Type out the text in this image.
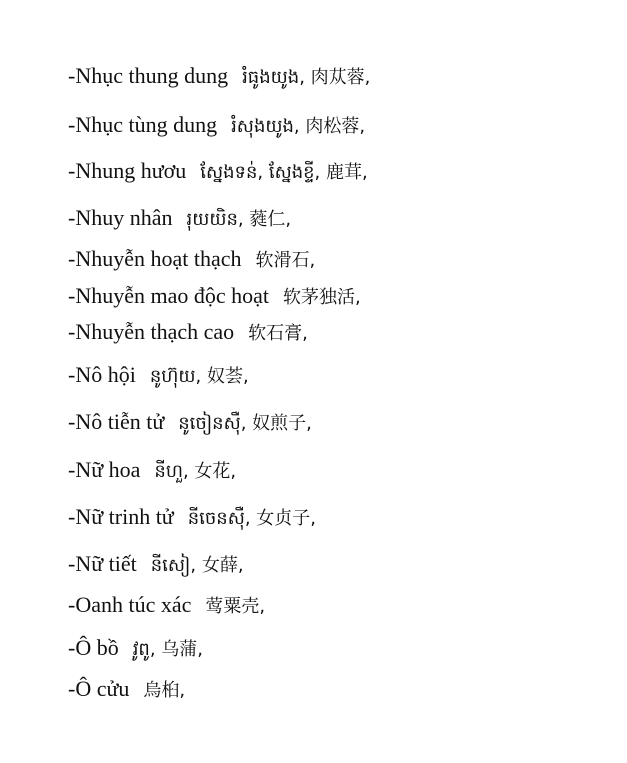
-Nhục thung dung រំធូងយូង, 肉苁蓉,
-Nhục tùng dung រំសុងយូង, 肉松蓉,
-Nhung hươu ស្នែងទន់, ស្នែងខ្ទី, 鹿茸,
-Nhuy nhân រុយយិន, 蕤仁,
-Nhuyễn hoạt thạch 软滑石,
-Nhuyễn mao độc hoạt 软茅独活,
-Nhuyễn thạch cao 软石膏,
-Nô hội នូហ៊ុយ, 奴荟,
-Nô tiễn tử នូចៀនស៊ឺ, 奴煎子,
-Nữ hoa នីហួ, 女花,
-Nữ trinh tử នីចេនស៊ឺ, 女贞子,
-Nữ tiết នីសៀ, 女薛,
-Oanh túc xác 莺粟壳,
-Ô bồ វូពូ, 乌蒲,
-Ô cửu 烏桕,
